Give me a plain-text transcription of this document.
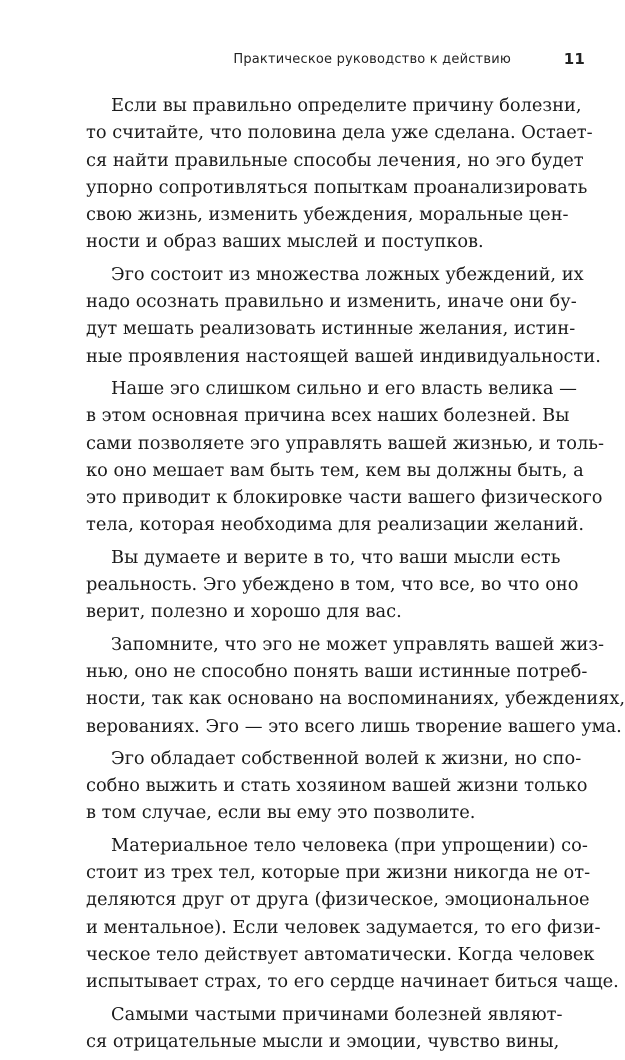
Практическое руководство к действию	11
Если вы правильно определите причину болезни,
то считайте, что половина дела уже сделана. Остает-
ся найти правильные способы лечения, но эго будет
упорно сопротивляться попыткам проанализировать
свою жизнь, изменить убеждения, моральные цен-
ности и образ ваших мыслей и поступков.
Эго состоит из множества ложных убеждений, их
надо осознать правильно и изменить, иначе они бу-
дут мешать реализовать истинные желания, истин-
ные проявления настоящей вашей индивидуальности.
Наше эго слишком сильно и его власть велика —
в этом основная причина всех наших болезней. Вы
сами позволяете эго управлять вашей жизнью, и толь-
ко оно мешает вам быть тем, кем вы должны быть, а
это приводит к блокировке части вашего физического
тела, которая необходима для реализации желаний.
Вы думаете и верите в то, что ваши мысли есть
реальность. Эго убеждено в том, что все, во что оно
верит, полезно и хорошо для вас.
Запомните, что эго не может управлять вашей жиз-
нью, оно не способно понять ваши истинные потреб-
ности, так как основано на воспоминаниях, убеждениях,
верованиях. Эго — это всего лишь творение вашего ума.
Эго обладает собственной волей к жизни, но спо-
собно выжить и стать хозяином вашей жизни только
в том случае, если вы ему это позволите.
Материальное тело человека (при упрощении) со-
стоит из трех тел, которые при жизни никогда не от-
деляются друг от друга (физическое, эмоциональное
и ментальное). Если человек задумается, то его физи-
ческое тело действует автоматически. Когда человек
испытывает страх, то его сердце начинает биться чаще.
Самыми частыми причинами болезней являют-
ся отрицательные мысли и эмоции, чувство вины,
